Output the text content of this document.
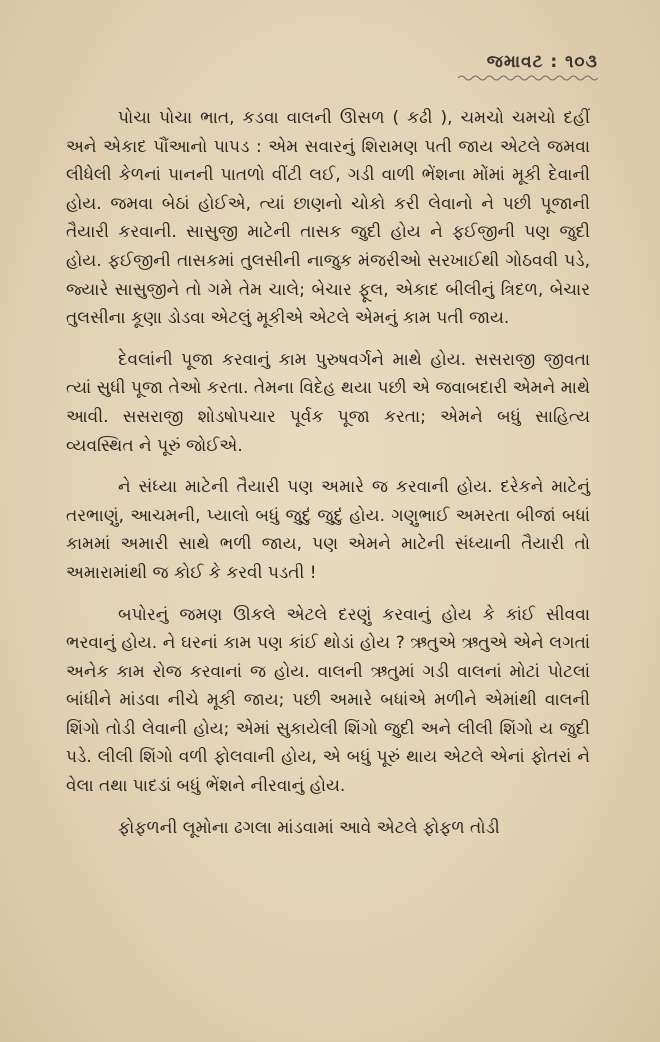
જમાવટ : ૧૦૩

પોચા પોચા ભાત, કડવા વાલની ઊસળ ( કઢી ), ચમચો ચમચો દહીં અને એકાદ પૌંઆનો પાપડ : એમ સવારનું શિરામણ પતી જાય એટલે જમવા લીધેલી કેળનાં પાનની પાતળો વીંટી લઈ, ગડી વાળી ભેંશના મોંમાં મૂકી દેવાની હોય. જમવા બેઠાં હોઈએ, ત્યાં છાણનો ચોકો કરી લેવાનો ને પછી પૂજાની તૈયારી કરવાની. સાસુજી માટેની તાસક જુદી હોય ને ફઈજીની પણ જુદી હોય. ફઈજીની તાસકમાં તુલસીની નાજુક મંજરીઓ સરખાઈથી ગોઠવવી પડે, જ્યારે સાસુજીને તો ગમે તેમ ચાલે; બેચાર ફૂલ, એકાદ બીલીનું ત્રિદળ, બેચાર તુલસીના કૂણા ડોડવા એટલું મૂકીએ એટલે એમનું કામ પતી જાય.

દેવલાંની પૂજા કરવાનું કામ પુરુષવર્ગને માથે હોય. સસરાજી જીવતા ત્યાં સુધી પૂજા તેઓ કરતા. તેમના વિદેહ થયા પછી એ જવાબદારી એમને માથે આવી. સસરાજી શોડષોપચાર પૂર્વક પૂજા કરતા; એમને બધું સાહિત્ય વ્યવસ્થિત ને પૂરું જોઈએ.

ને સંધ્યા માટેની તૈયારી પણ અમારે જ કરવાની હોય. દરેકને માટેનું તરભાણું, આચમની, પ્યાલો બધું જુદું જુદું હોય. ગણુભાઈ અમરતા બીજાં બધાં કામમાં અમારી સાથે ભળી જાય, પણ એમને માટેની સંધ્યાની તૈયારી તો અમારામાંથી જ કોઈ કે કરવી પડતી !

બપોરનું જમણ ઊકલે એટલે દરણું કરવાનું હોય કે કાંઈ સીવવા ભરવાનું હોય. ને ઘરનાં કામ પણ કાંઈ થોડાં હોય ? ઋતુએ ઋતુએ એને લગતાં અનેક કામ રોજ કરવાનાં જ હોય. વાલની ઋતુમાં ગડી વાલનાં મોટાં પોટલાં બાંધીને માંડવા નીચે મૂકી જાય; પછી અમારે બધાંએ મળીને એમાંથી વાલની શિંગો તોડી લેવાની હોય; એમાં સુકાયેલી શિંગો જુદી અને લીલી શિંગો ય જુદી પડે. લીલી શિંગો વળી ફોલવાની હોય, એ બધું પૂરું થાય એટલે એનાં ફોતરાં ને વેલા તથા પાદડાં બધું ભેંશને નીરવાનું હોય.

ફોફળની લૂમોના ઢગલા માંડવામાં આવે એટલે ફોફળ તોડી
